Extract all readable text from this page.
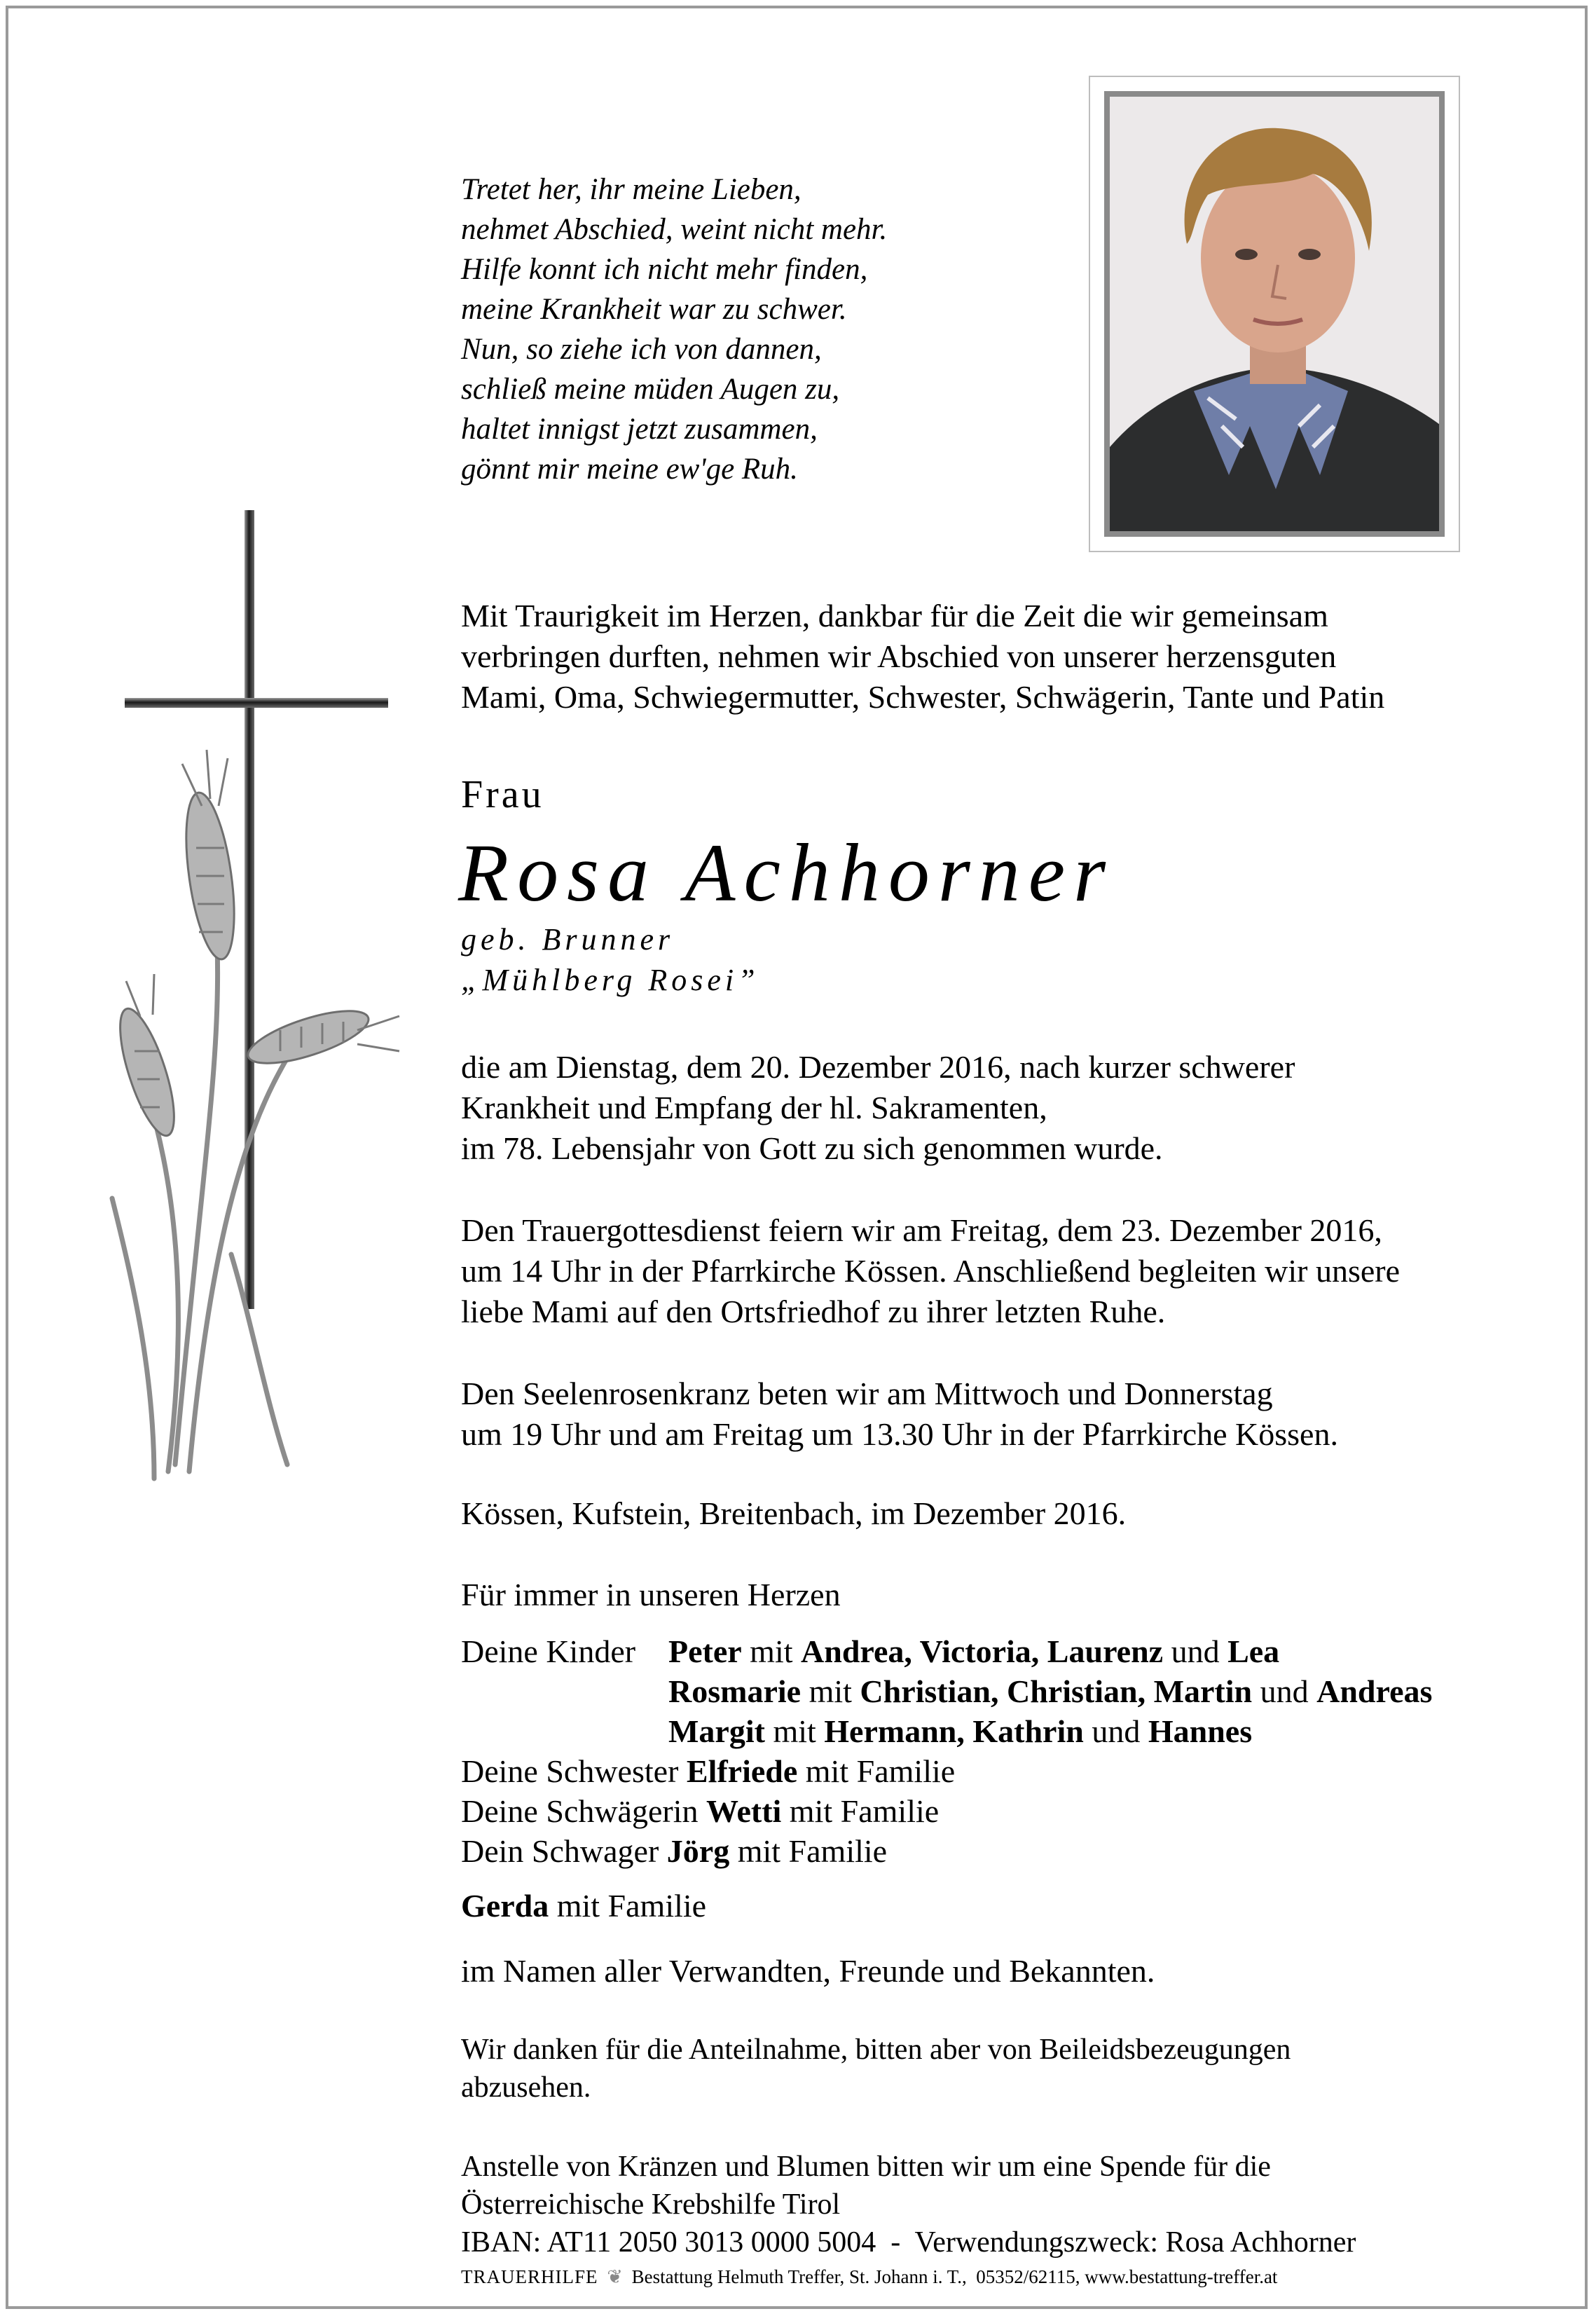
Tretet her, ihr meine Lieben,
nehmet Abschied, weint nicht mehr.
Hilfe konnt ich nicht mehr finden,
meine Krankheit war zu schwer.
Nun, so ziehe ich von dannen,
schließ meine müden Augen zu,
haltet innigst jetzt zusammen,
gönnt mir meine ew'ge Ruh.
Mit Traurigkeit im Herzen, dankbar für die Zeit die wir gemeinsam
verbringen durften, nehmen wir Abschied von unserer herzensguten
Mami, Oma, Schwiegermutter, Schwester, Schwägerin, Tante und Patin
Frau
Rosa Achhorner
geb. Brunner
„Mühlberg Rosei”
die am Dienstag, dem 20. Dezember 2016, nach kurzer schwerer
Krankheit und Empfang der hl. Sakramenten,
im 78. Lebensjahr von Gott zu sich genommen wurde.
Den Trauergottesdienst feiern wir am Freitag, dem 23. Dezember 2016,
um 14 Uhr in der Pfarrkirche Kössen. Anschließend begleiten wir unsere
liebe Mami auf den Ortsfriedhof zu ihrer letzten Ruhe.
Den Seelenrosenkranz beten wir am Mittwoch und Donnerstag
um 19 Uhr und am Freitag um 13.30 Uhr in der Pfarrkirche Kössen.
Kössen, Kufstein, Breitenbach, im Dezember 2016.
Für immer in unseren Herzen
Deine Kinder	Peter mit Andrea, Victoria, Laurenz und Lea
Rosmarie mit Christian, Christian, Martin und Andreas
Margit mit Hermann, Kathrin und Hannes
Deine Schwester Elfriede mit Familie
Deine Schwägerin Wetti mit Familie
Dein Schwager Jörg mit Familie
Gerda mit Familie
im Namen aller Verwandten, Freunde und Bekannten.
Wir danken für die Anteilnahme, bitten aber von Beileidsbezeugungen
abzusehen.
Anstelle von Kränzen und Blumen bitten wir um eine Spende für die
Österreichische Krebshilfe Tirol
IBAN: AT11 2050 3013 0000 5004  -  Verwendungszweck: Rosa Achhorner
TRAUERHILFE ❦ Bestattung Helmuth Treffer, St. Johann i. T.,  05352/62115, www.bestattung-treffer.at
